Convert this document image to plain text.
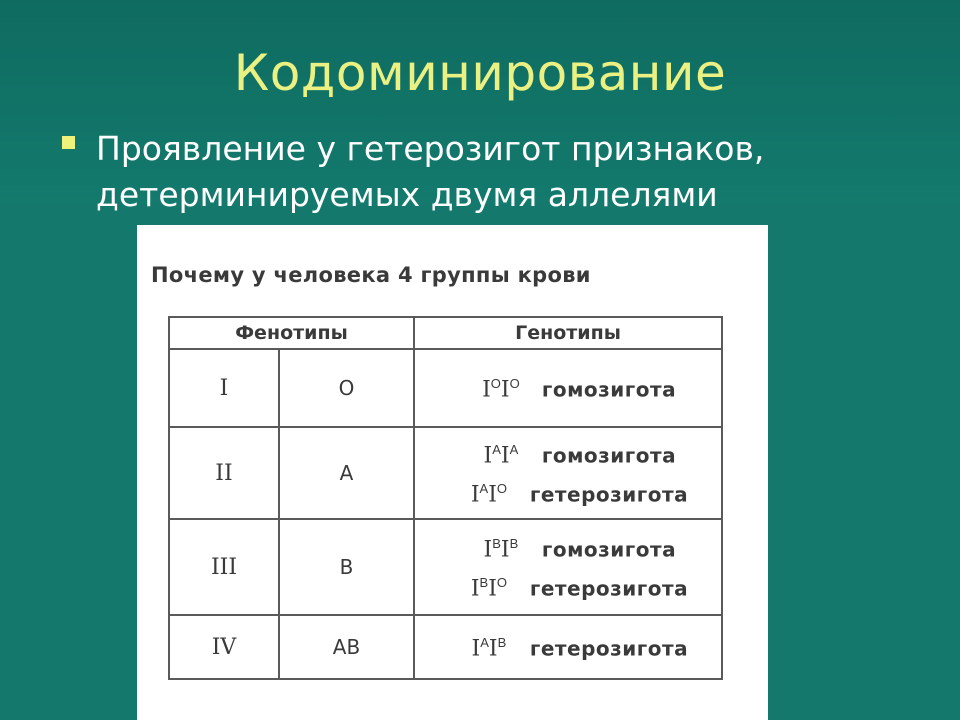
Кодоминирование
Проявление у гетерозигот признаков, детерминируемых двумя аллелями
Почему у человека 4 группы крови
Фенотипы		Генотипы
I	O	$I^OI^O$ гомозигота

II	A	$I^AI^A$ гомозигота
$I^AI^O$ гетерозигота

III	B	$I^BI^B$ гомозигота
$I^BI^O$ гетерозигота

IV	AB	$I^AI^B$ гетерозигота
